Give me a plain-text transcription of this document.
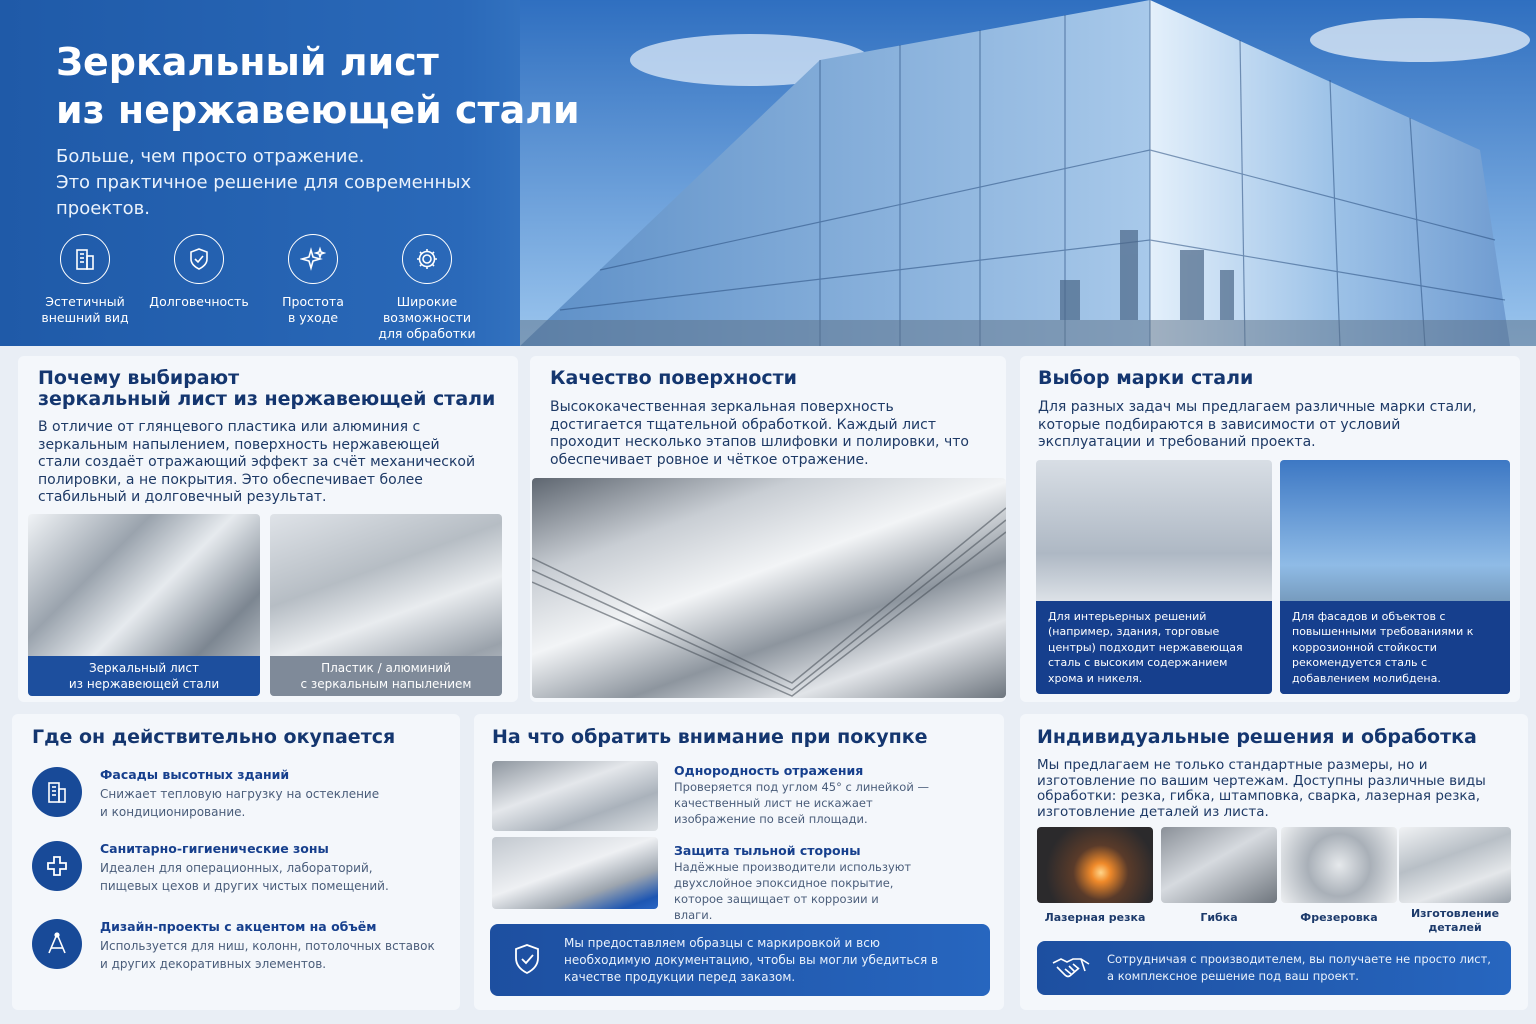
Зеркальный лист
из нержавеющей стали

Больше, чем просто отражение.
Это практичное решение для современных проектов.

Эстетичный
внешний вид
Долговечность	Простота
в уходе
Широкие
возможности
для обработки
Почему выбирают
зеркальный лист из нержавеющей стали

В отличие от глянцевого пластика или алюминия с зеркальным напылением, поверхность нержавеющей стали создаёт отражающий эффект за счёт механической полировки, а не покрытия. Это обеспечивает более стабильный и долговечный результат.

Зеркальный лист
из нержавеющей стали
Пластик / алюминий
с зеркальным напылением
Качество поверхности

Высококачественная зеркальная поверхность достигается тщательной обработкой. Каждый лист проходит несколько этапов шлифовки и полировки, что обеспечивает ровное и чёткое отражение.

Выбор марки стали

Для разных задач мы предлагаем различные марки стали, которые подбираются в зависимости от условий эксплуатации и требований проекта.

Для интерьерных решений (например, здания, торговые центры) подходит нержавеющая сталь с высоким содержанием хрома и никеля.
Для фасадов и объектов с повышенными требованиями к коррозионной стойкости рекомендуется сталь с добавлением молибдена.
Где он действительно окупается
Фасады высотных зданий
Снижает тепловую нагрузку на остекление
и кондиционирование.
Санитарно-гигиенические зоны
Идеален для операционных, лабораторий,
пищевых цехов и других чистых помещений.
Дизайн-проекты с акцентом на объём
Используется для ниш, колонн, потолочных вставок
и других декоративных элементов.
На что обратить внимание при покупке
Однородность отражения
Проверяется под углом 45° с линейкой — качественный лист не искажает изображение по всей площади.
Защита тыльной стороны
Надёжные производители используют двухслойное эпоксидное покрытие, которое защищает от коррозии и влаги.
Мы предоставляем образцы с маркировкой и всю необходимую документацию, чтобы вы могли убедиться в качестве продукции перед заказом.
Индивидуальные решения и обработка

Мы предлагаем не только стандартные размеры, но и изготовление по вашим чертежам. Доступны различные виды обработки: резка, гибка, штамповка, сварка, лазерная резка, изготовление деталей из листа.

Лазерная резка	Гибка	Фрезеровка	Изготовление
деталей
Сотрудничая с производителем, вы получаете не просто лист,
а комплексное решение под ваш проект.
